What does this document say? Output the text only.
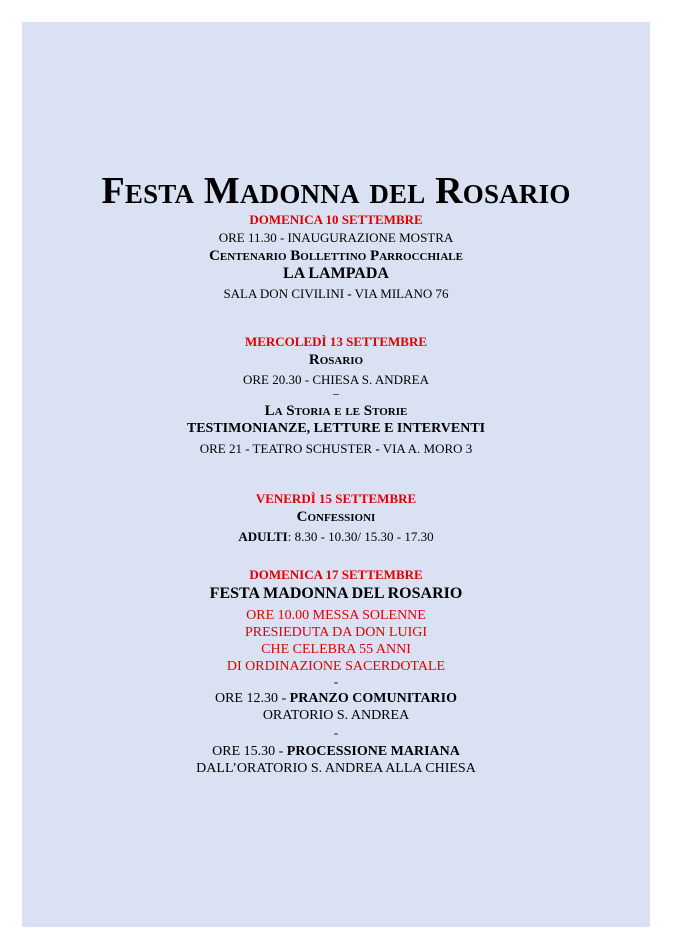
Festa Madonna del Rosario
DOMENICA 10 SETTEMBRE
ORE 11.30 - INAUGURAZIONE MOSTRA
Centenario Bollettino Parrocchiale
LA LAMPADA
SALA DON CIVILINI - VIA MILANO 76
MERCOLEDÌ 13 SETTEMBRE
Rosario
ORE 20.30 - CHIESA S. ANDREA
–
La Storia e le Storie
TESTIMONIANZE, LETTURE E INTERVENTI
ORE 21 - TEATRO SCHUSTER - VIA A. MORO 3
VENERDÌ 15 SETTEMBRE
Confessioni
ADULTI: 8.30 - 10.30/ 15.30 - 17.30
DOMENICA 17 SETTEMBRE
FESTA MADONNA DEL ROSARIO
ORE 10.00 MESSA SOLENNE
PRESIEDUTA DA DON LUIGI
CHE CELEBRA 55 ANNI
DI ORDINAZIONE SACERDOTALE
-
ORE 12.30 - PRANZO COMUNITARIO
ORATORIO S. ANDREA
-
ORE 15.30 - PROCESSIONE MARIANA
DALL’ORATORIO S. ANDREA ALLA CHIESA
